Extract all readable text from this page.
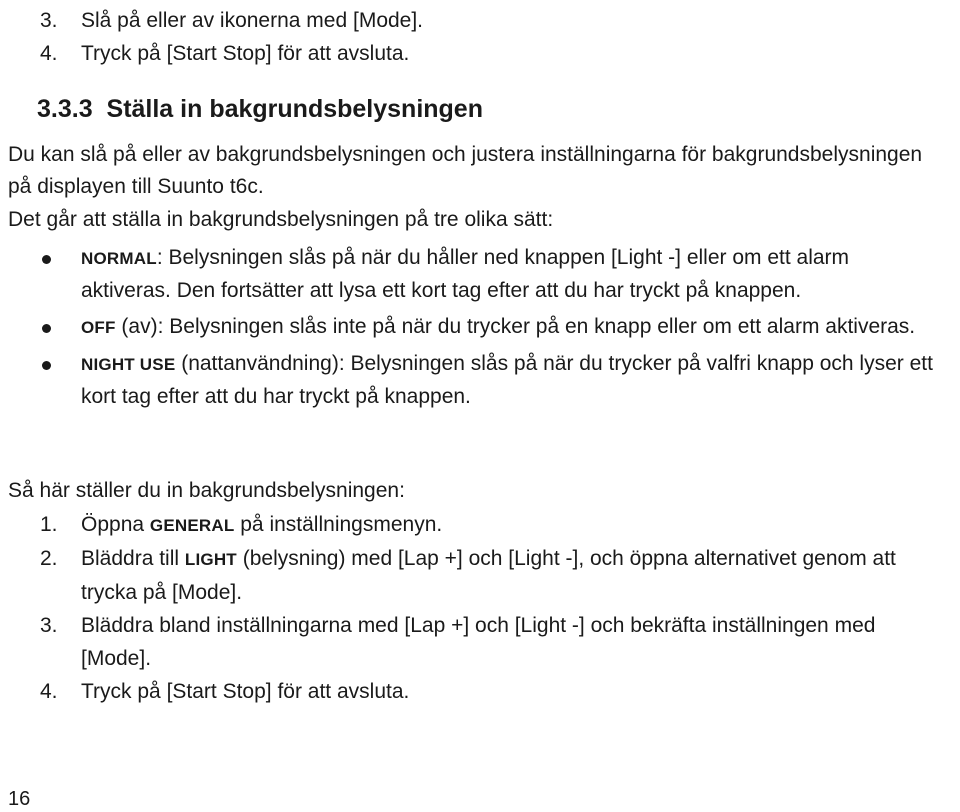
3.	Slå på eller av ikonerna med [Mode].
4.	Tryck på [Start Stop] för att avsluta.
3.3.3 Ställa in bakgrundsbelysningen

Du kan slå på eller av bakgrundsbelysningen och justera inställningarna för bakgrundsbelysningen på displayen till Suunto t6c.

Det går att ställa in bakgrundsbelysningen på tre olika sätt:

NORMAL: Belysningen slås på när du håller ned knappen [Light -] eller om ett alarm aktiveras. Den fortsätter att lysa ett kort tag efter att du har tryckt på knappen.
OFF (av): Belysningen slås inte på när du trycker på en knapp eller om ett alarm aktiveras.
NIGHT USE (nattanvändning): Belysningen slås på när du trycker på valfri knapp och lyser ett kort tag efter att du har tryckt på knappen.

Så här ställer du in bakgrundsbelysningen:

1.	Öppna GENERAL på inställningsmenyn.
2.	Bläddra till LIGHT (belysning) med [Lap +] och [Light -], och öppna alternativet genom att trycka på [Mode].
3.	Bläddra bland inställningarna med [Lap +] och [Light -] och bekräfta inställningen med [Mode].
4.	Tryck på [Start Stop] för att avsluta.
16
